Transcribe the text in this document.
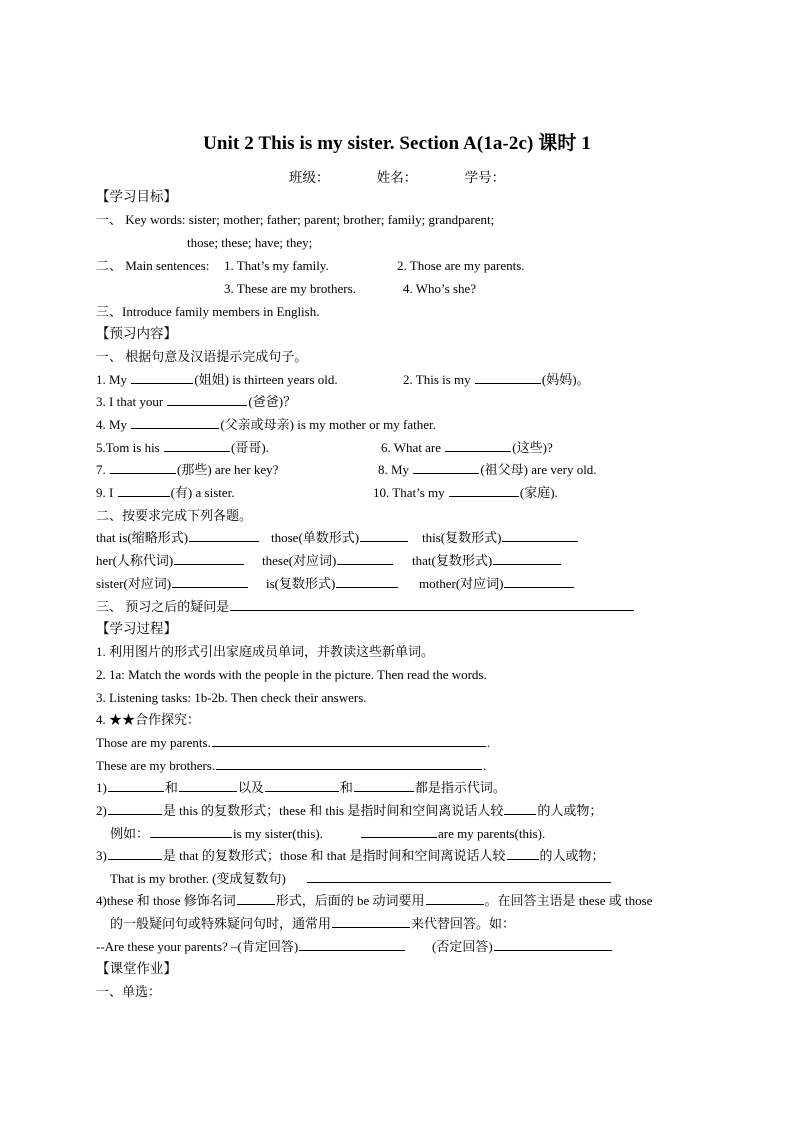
Unit 2 This is my sister. Section A(1a-2c) 课时 1
班级：	姓名：	学号：
【学习目标】
一、 Key words: sister; mother; father; parent; brother; family; grandparent;
those; these; have; they;
二、 Main sentences: 1. That’s my family.	2. Those are my parents.
3. These are my brothers.	4. Who’s she?
三、Introduce family members in English.
【预习内容】
一、 根据句意及汉语提示完成句子。
1. My	(姐姐) is thirteen years old.	2. This is my	(妈妈)。
3. I that your	(爸爸)？
4. My	(父亲或母亲) is my mother or my father.
5.Tom is his	(哥哥).	6. What are	(这些)?
7.	(那些) are her key?	8. My	(祖父母) are very old.
9. I	(有) a sister.	10. That’s my	(家庭).
二、按要求完成下列各题。
that is(缩略形式)	those(单数形式)	this(复数形式)
her(人称代词)	these(对应词)	that(复数形式)
sister(对应词)	is(复数形式)	mother(对应词)
三、 预习之后的疑问是
【学习过程】
1. 利用图片的形式引出家庭成员单词，并教读这些新单词。
2. 1a: Match the words with the people in the picture. Then read the words.
3. Listening tasks: 1b-2b. Then check their answers.
4. ★★合作探究：
Those are my parents.	.
These are my brothers.	.
1)	和	以及	和	都是指示代词。
2)	是 this 的复数形式；these 和 this 是指时间和空间离说话人较	的人或物；
例如：	is my sister(this).	are my parents(this).
3)	是 that 的复数形式；those 和 that 是指时间和空间离说话人较	的人或物；
That is my brother. (变成复数句)
4)these 和 those 修饰名词	形式，后面的 be 动词要用	。在回答主语是 these 或 those
的一般疑问句或特殊疑问句时，通常用	来代替回答。如：
--Are these your parents? –(肯定回答)	(否定回答)
【课堂作业】
一、单选：
